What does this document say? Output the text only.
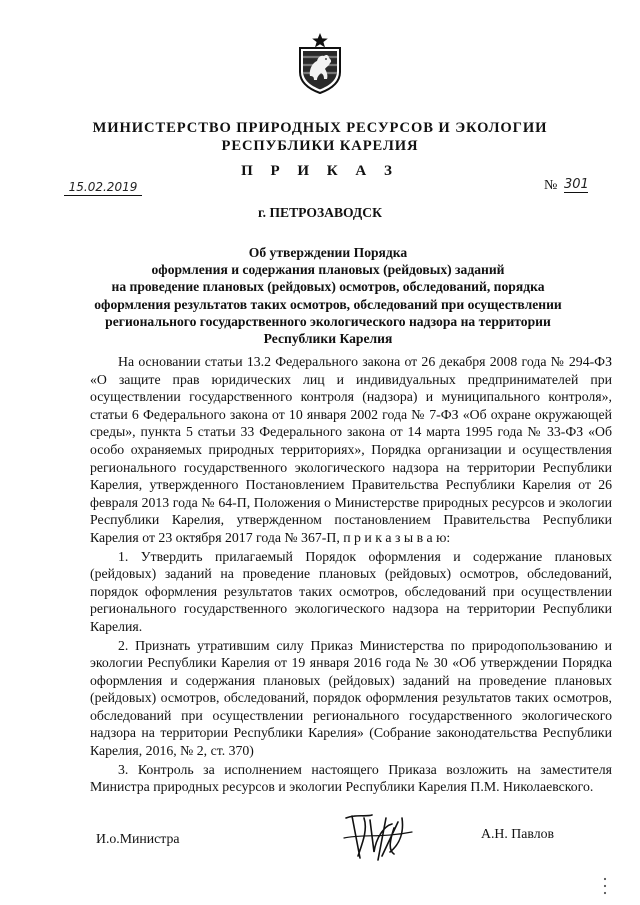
МИНИСТЕРСТВО ПРИРОДНЫХ РЕСУРСОВ И ЭКОЛОГИИ
РЕСПУБЛИКИ КАРЕЛИЯ
П Р И К А З
15.02.2019	№ 301
г. ПЕТРОЗАВОДСК
Об утверждении Порядка
оформления и содержания плановых (рейдовых) заданий
на проведение плановых (рейдовых) осмотров, обследований, порядка
оформления результатов таких осмотров, обследований при осуществлении
регионального государственного экологического надзора на территории
Республики Карелия

На основании статьи 13.2 Федерального закона от 26 декабря 2008 года № 294-ФЗ «О защите прав юридических лиц и индивидуальных предпринимателей при осуществлении государственного контроля (надзора) и муниципального контроля», статьи 6 Федерального закона от 10 января 2002 года № 7-ФЗ «Об охране окружающей среды», пункта 5 статьи 33 Федерального закона от 14 марта 1995 года № 33-ФЗ «Об особо охраняемых природных территориях», Порядка организации и осуществления регионального государственного экологического надзора на территории Республики Карелия, утвержденного Постановлением Правительства Республики Карелия от 26 февраля 2013 года № 64-П, Положения о Министерстве природных ресурсов и экологии Республики Карелия, утвержденном постановлением Правительства Республики Карелия от 23 октября 2017 года № 367-П, п р и к а з ы в а ю:

1. Утвердить прилагаемый Порядок оформления и содержание плановых (рейдовых) заданий на проведение плановых (рейдовых) осмотров, обследований, порядок оформления результатов таких осмотров, обследований при осуществлении регионального государственного экологического надзора на территории Республики Карелия.

2. Признать утратившим силу Приказ Министерства по природопользованию и экологии Республики Карелия от 19 января 2016 года № 30 «Об утверждении Порядка оформления и содержания плановых (рейдовых) заданий на проведение плановых (рейдовых) осмотров, обследований, порядок оформления результатов таких осмотров, обследований при осуществлении регионального государственного экологического надзора на территории Республики Карелия» (Собрание законодательства Республики Карелия, 2016, № 2, ст. 370)

3. Контроль за исполнением настоящего Приказа возложить на заместителя Министра природных ресурсов и экологии Республики Карелия П.М. Николаевского.

И.о.Министра	А.Н. Павлов
